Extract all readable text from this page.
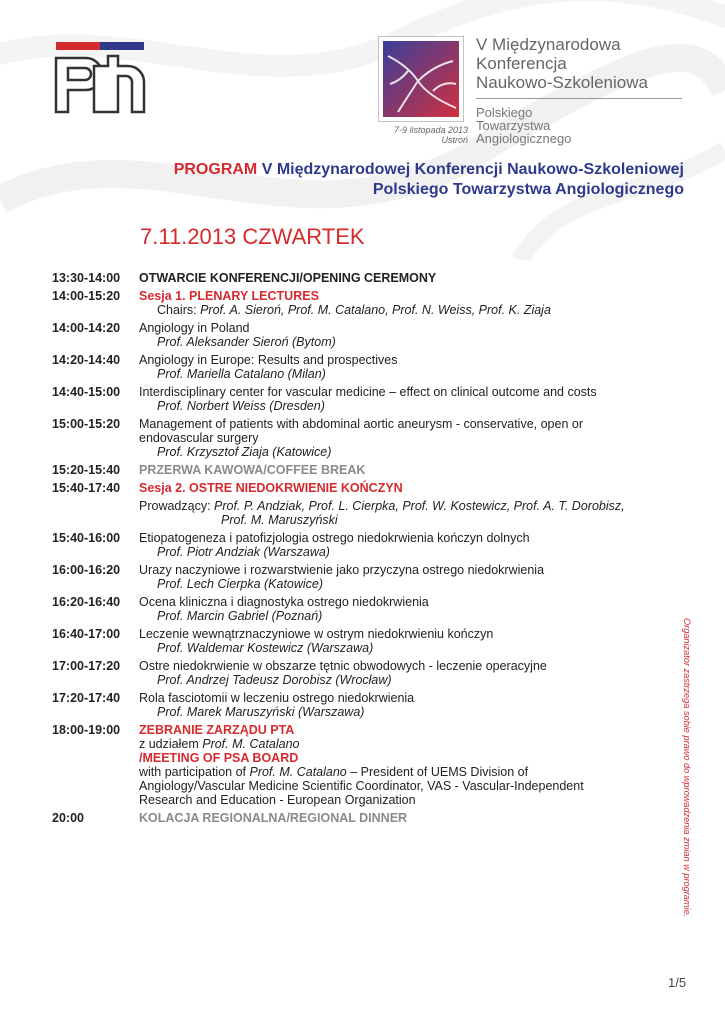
7-9 listopada 2013
Ustroń
V Międzynarodowa
Konferencja
Naukowo-Szkoleniowa
Polskiego
Towarzystwa
Angiologicznego
PROGRAM V Międzynarodowej Konferencji Naukowo-Szkoleniowej
Polskiego Towarzystwa Angiologicznego
7.11.2013 CZWARTEK
13:30-14:00	OTWARCIE KONFERENCJI/OPENING CEREMONY
14:00-15:20	Sesja 1. PLENARY LECTURES
Chairs: Prof. A. Sieroń, Prof. M. Catalano, Prof. N. Weiss, Prof. K. Ziaja
14:00-14:20	Angiology in Poland
Prof. Aleksander Sieroń (Bytom)
14:20-14:40	Angiology in Europe: Results and prospectives
Prof. Mariella Catalano (Milan)
14:40-15:00	Interdisciplinary center for vascular medicine – effect on clinical outcome and costs
Prof. Norbert Weiss (Dresden)
15:00-15:20	Management of patients with abdominal aortic aneurysm - conservative, open or
endovascular surgery
Prof. Krzysztof Ziaja (Katowice)
15:20-15:40	PRZERWA KAWOWA/COFFEE BREAK
15:40-17:40	Sesja 2. OSTRE NIEDOKRWIENIE KOŃCZYN
Prowadzący: Prof. P. Andziak, Prof. L. Cierpka, Prof. W. Kostewicz, Prof. A. T. Dorobisz,
Prof. M. Maruszyński
15:40-16:00	Etiopatogeneza i patofizjologia ostrego niedokrwienia kończyn dolnych
Prof. Piotr Andziak (Warszawa)
16:00-16:20	Urazy naczyniowe i rozwarstwienie jako przyczyna ostrego niedokrwienia
Prof. Lech Cierpka (Katowice)
16:20-16:40	Ocena kliniczna i diagnostyka ostrego niedokrwienia
Prof. Marcin Gabriel (Poznań)
16:40-17:00	Leczenie wewnątrznaczyniowe w ostrym niedokrwieniu kończyn
Prof. Waldemar Kostewicz (Warszawa)
17:00-17:20	Ostre niedokrwienie w obszarze tętnic obwodowych - leczenie operacyjne
Prof. Andrzej Tadeusz Dorobisz (Wrocław)
17:20-17:40	Rola fasciotomii w leczeniu ostrego niedokrwienia
Prof. Marek Maruszyński (Warszawa)
18:00-19:00	ZEBRANIE ZARZĄDU PTA
z udziałem Prof. M. Catalano
/MEETING OF PSA BOARD
with participation of Prof. M. Catalano – President of UEMS Division of
Angiology/Vascular Medicine Scientific Coordinator, VAS - Vascular-Independent
Research and Education - European Organization
20:00	KOLACJA REGIONALNA/REGIONAL DINNER	Organizator zastrzega sobie prawo do wprowadzenia zmian w programie.
1/5
